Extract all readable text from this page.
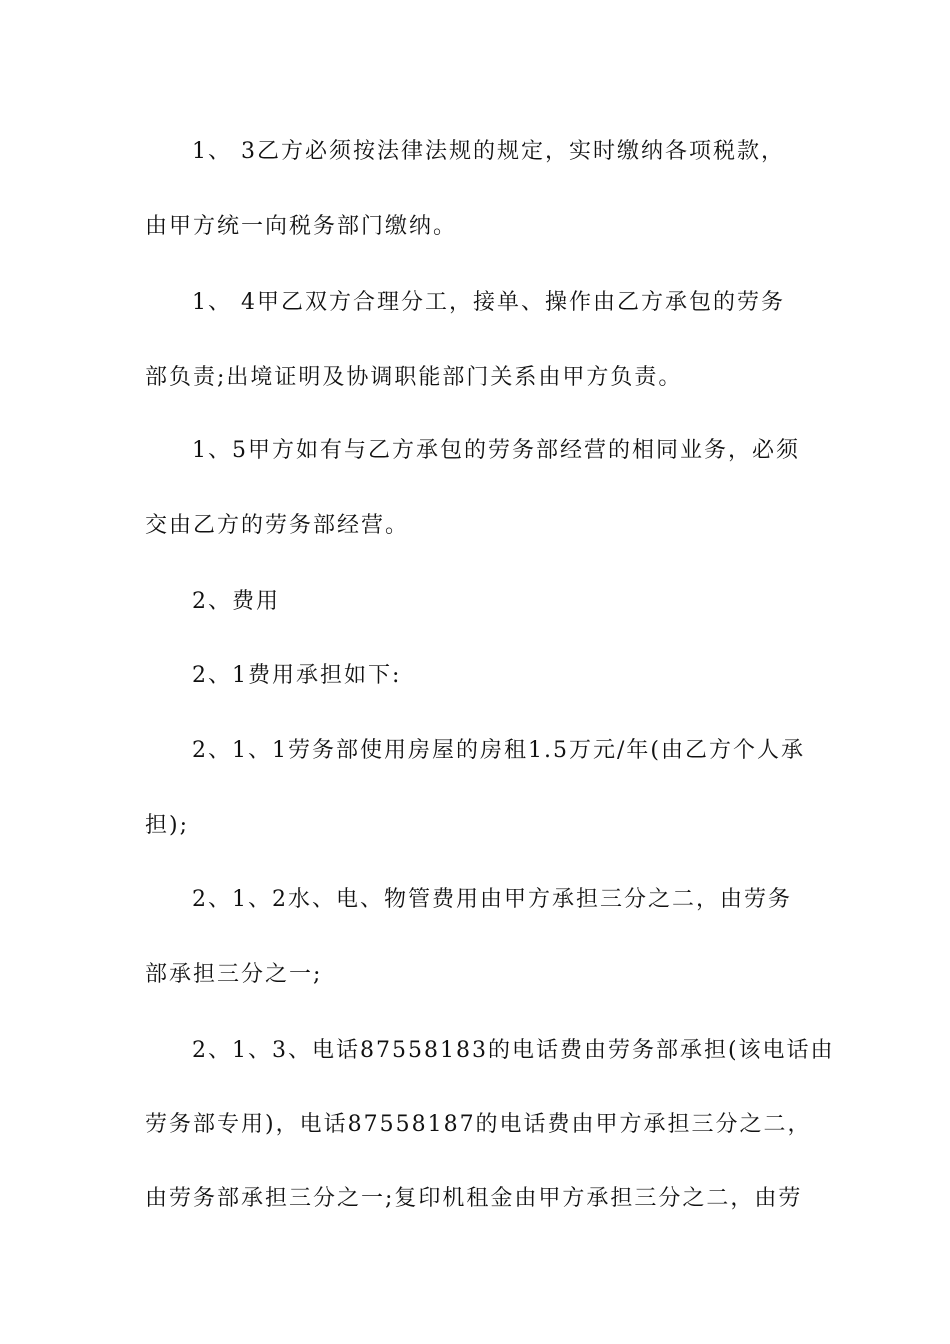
1、 3乙方必须按法律法规的规定，实时缴纳各项税款，
由甲方统一向税务部门缴纳。
1、 4甲乙双方合理分工，接单、操作由乙方承包的劳务
部负责;出境证明及协调职能部门关系由甲方负责。
1、5甲方如有与乙方承包的劳务部经营的相同业务，必须
交由乙方的劳务部经营。
2、费用
2、1费用承担如下:
2、1、1劳务部使用房屋的房租1.5万元/年(由乙方个人承
担);
2、1、2水、电、物管费用由甲方承担三分之二，由劳务
部承担三分之一;
2、1、3、电话87558183的电话费由劳务部承担(该电话由
劳务部专用)，电话87558187的电话费由甲方承担三分之二，
由劳务部承担三分之一;复印机租金由甲方承担三分之二，由劳
